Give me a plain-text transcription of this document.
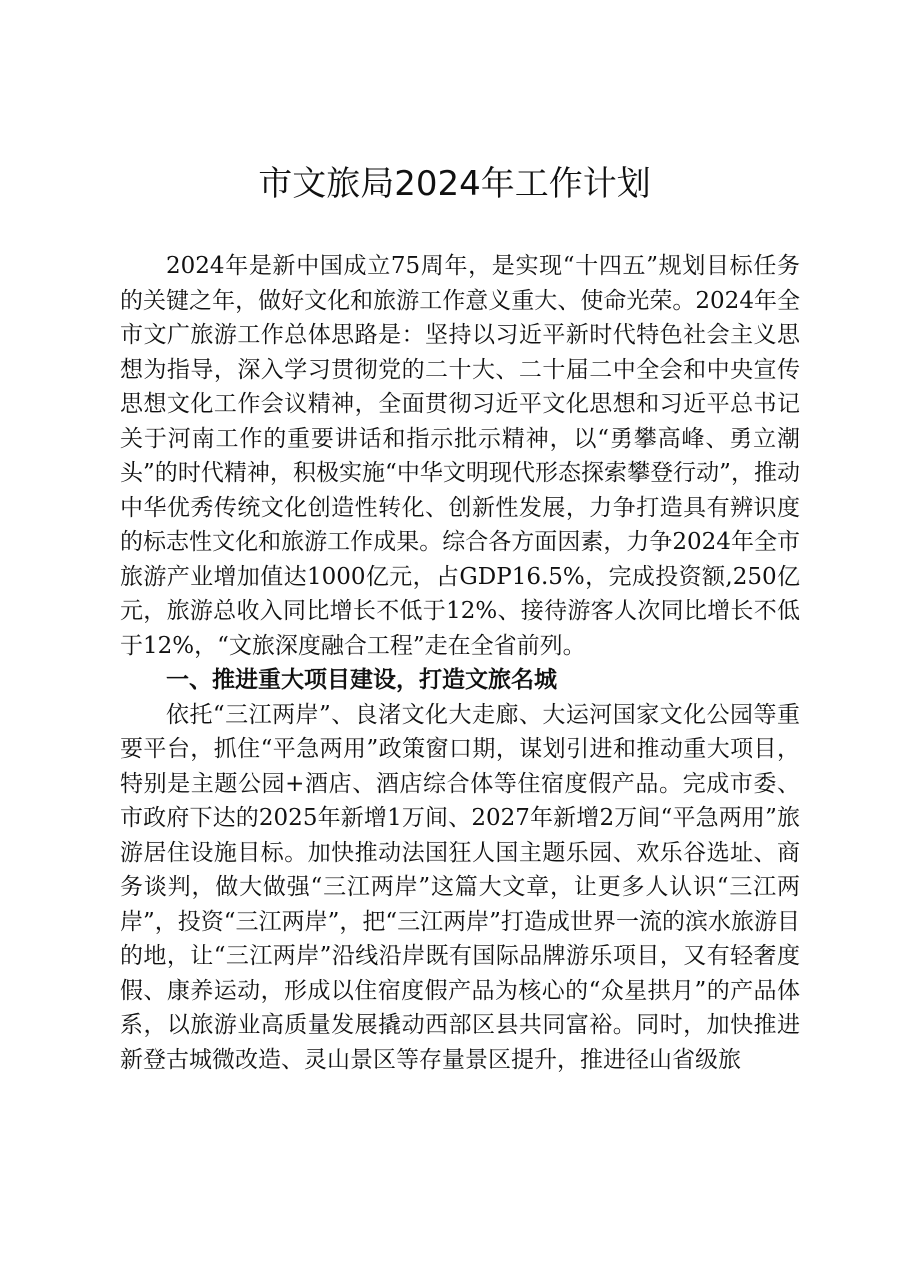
市文旅局2024年工作计划

2024年是新中国成立75周年，是实现“十四五”规划目标任务的关键之年，做好文化和旅游工作意义重大、使命光荣。2024年全市文广旅游工作总体思路是：坚持以习近平新时代特色社会主义思想为指导，深入学习贯彻党的二十大、二十届二中全会和中央宣传思想文化工作会议精神，全面贯彻习近平文化思想和习近平总书记关于河南工作的重要讲话和指示批示精神，以“勇攀高峰、勇立潮头”的时代精神，积极实施“中华文明现代形态探索攀登行动”，推动中华优秀传统文化创造性转化、创新性发展，力争打造具有辨识度的标志性文化和旅游工作成果。综合各方面因素，力争2024年全市旅游产业增加值达1000亿元，占GDP16.5%，完成投资额,250亿元，旅游总收入同比增长不低于12%、接待游客人次同比增长不低于12%，“文旅深度融合工程”走在全省前列。

一、推进重大项目建设，打造文旅名城

依托“三江两岸”、良渚文化大走廊、大运河国家文化公园等重要平台，抓住“平急两用”政策窗口期，谋划引进和推动重大项目，特别是主题公园+酒店、酒店综合体等住宿度假产品。完成市委、市政府下达的2025年新增1万间、2027年新增2万间“平急两用”旅游居住设施目标。加快推动法国狂人国主题乐园、欢乐谷选址、商务谈判，做大做强“三江两岸”这篇大文章，让更多人认识“三江两岸”，投资“三江两岸”，把“三江两岸”打造成世界一流的滨水旅游目的地，让“三江两岸”沿线沿岸既有国际品牌游乐项目，又有轻奢度假、康养运动，形成以住宿度假产品为核心的“众星拱月”的产品体系，以旅游业高质量发展撬动西部区县共同富裕。同时，加快推进新登古城微改造、灵山景区等存量景区提升，推进径山省级旅
